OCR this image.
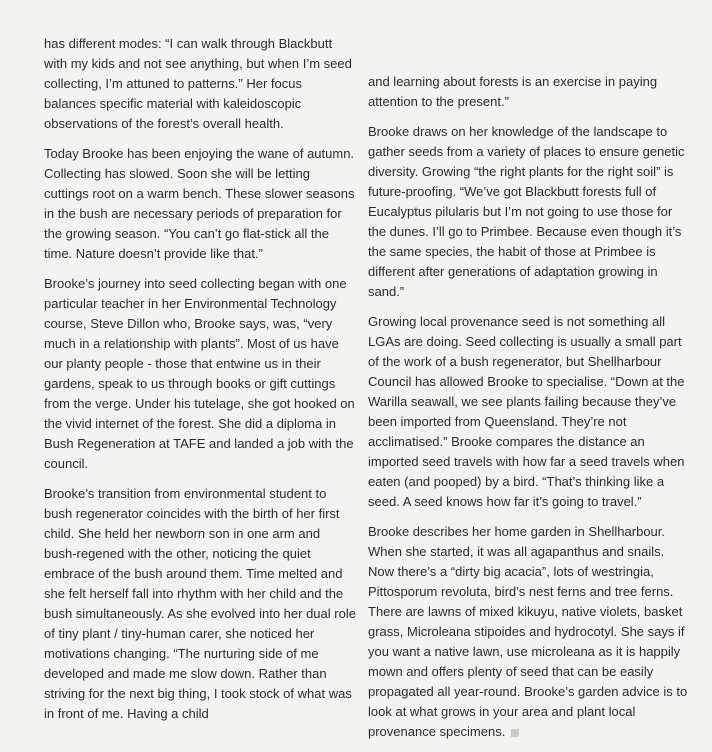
has different modes: “I can walk through Blackbutt with my kids and not see anything, but when I’m seed collecting, I’m attuned to patterns.” Her focus balances specific material with kaleidoscopic observations of the forest’s overall health.

Today Brooke has been enjoying the wane of autumn. Collecting has slowed. Soon she will be letting cuttings root on a warm bench. These slower seasons in the bush are necessary periods of preparation for the growing season. “You can’t go flat-stick all the time. Nature doesn’t provide like that.”

Brooke’s journey into seed collecting began with one particular teacher in her Environmental Technology course, Steve Dillon who, Brooke says, was, “very much in a relationship with plants”. Most of us have our planty people - those that entwine us in their gardens, speak to us through books or gift cuttings from the verge. Under his tutelage, she got hooked on the vivid internet of the forest. She did a diploma in Bush Regeneration at TAFE and landed a job with the council.

Brooke’s transition from environmental student to bush regenerator coincides with the birth of her first child. She held her newborn son in one arm and bush-regened with the other, noticing the quiet embrace of the bush around them. Time melted and she felt herself fall into rhythm with her child and the bush simultaneously. As she evolved into her dual role of tiny plant / tiny-human carer, she noticed her motivations changing. “The nurturing side of me developed and made me slow down. Rather than striving for the next big thing, I took stock of what was in front of me. Having a child

and learning about forests is an exercise in paying attention to the present.”

Brooke draws on her knowledge of the landscape to gather seeds from a variety of places to ensure genetic diversity. Growing “the right plants for the right soil” is future-proofing. “We’ve got Blackbutt forests full of Eucalyptus pilularis but I’m not going to use those for the dunes. I’ll go to Primbee. Because even though it’s the same species, the habit of those at Primbee is different after generations of adaptation growing in sand.”

Growing local provenance seed is not something all LGAs are doing. Seed collecting is usually a small part of the work of a bush regenerator, but Shellharbour Council has allowed Brooke to specialise. “Down at the Warilla seawall, we see plants failing because they’ve been imported from Queensland. They’re not acclimatised.” Brooke compares the distance an imported seed travels with how far a seed travels when eaten (and pooped) by a bird. “That’s thinking like a seed. A seed knows how far it’s going to travel.”

Brooke describes her home garden in Shellharbour. When she started, it was all agapanthus and snails. Now there’s a “dirty big acacia”, lots of westringia, Pittosporum revoluta, bird’s nest ferns and tree ferns. There are lawns of mixed kikuyu, native violets, basket grass, Microleana stipoides and hydrocotyl. She says if you want a native lawn, use microleana as it is happily mown and offers plenty of seed that can be easily propagated all year-round. Brooke’s garden advice is to look at what grows in your area and plant local provenance specimens.
